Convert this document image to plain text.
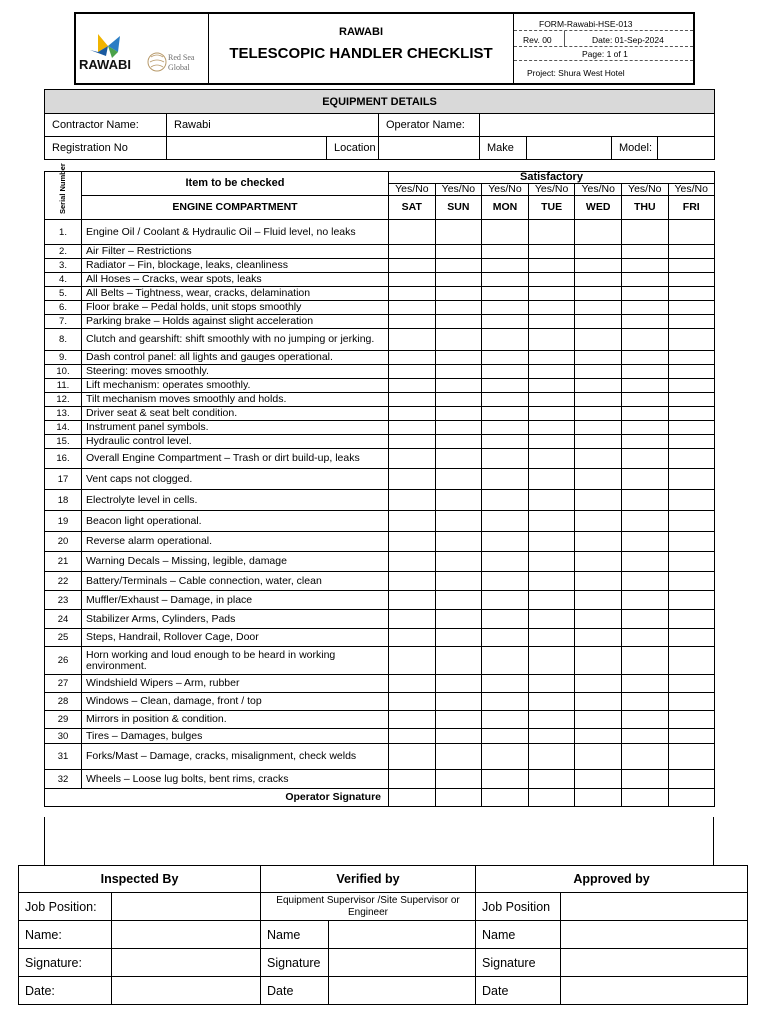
RAWABI	Red Sea
Global
RAWABI
TELESCOPIC HANDLER CHECKLIST
FORM-Rawabi-HSE-013
Rev. 00	Date: 01-Sep-2024
Page: 1 of 1
Project: Shura West Hotel
EQUIPMENT DETAILS							
Contractor Name:	Rawabi		Operator Name:				
Registration No		Location		Make		Model:	
Serial Number	Item to be checked	Satisfactory						
		Yes/No	Yes/No	Yes/No	Yes/No	Yes/No	Yes/No	Yes/No
	ENGINE COMPARTMENT	SAT	SUN	MON	TUE	WED	THU	FRI
1.	Engine Oil / Coolant & Hydraulic Oil – Fluid level, no leaks							
2.	Air Filter – Restrictions							
3.	Radiator – Fin, blockage, leaks, cleanliness							
4.	All Hoses – Cracks, wear spots, leaks							
5.	All Belts – Tightness, wear, cracks, delamination							
6.	Floor brake – Pedal holds, unit stops smoothly							
7.	Parking brake – Holds against slight acceleration							
8.	Clutch and gearshift: shift smoothly with no jumping or jerking.							
9.	Dash control panel: all lights and gauges operational.							
10.	Steering: moves smoothly.							
11.	Lift mechanism: operates smoothly.							
12.	Tilt mechanism moves smoothly and holds.							
13.	Driver seat & seat belt condition.							
14.	Instrument panel symbols.							
15.	Hydraulic control level.							
16.	Overall Engine Compartment – Trash or dirt build-up, leaks							
17	Vent caps not clogged.							
18	Electrolyte level in cells.							
19	Beacon light operational.							
20	Reverse alarm operational.							
21	Warning Decals – Missing, legible, damage							
22	Battery/Terminals – Cable connection, water, clean							
23	Muffler/Exhaust – Damage, in place							
24	Stabilizer Arms, Cylinders, Pads							
25	Steps, Handrail, Rollover Cage, Door							
26	Horn working and loud enough to be heard in working environment.							
27	Windshield Wipers – Arm, rubber							
28	Windows – Clean, damage, front / top							
29	Mirrors in position & condition.							
30	Tires – Damages, bulges							
31	Forks/Mast – Damage, cracks, misalignment, check welds							
32	Wheels – Loose lug bolts, bent rims, cracks							
Operator Signature								
Inspected By		Verified by		Approved by	
Job Position:		Equipment Supervisor /Site Supervisor or Engineer		Job Position	
Name:		Name		Name	
Signature:		Signature		Signature	
Date:		Date		Date	
